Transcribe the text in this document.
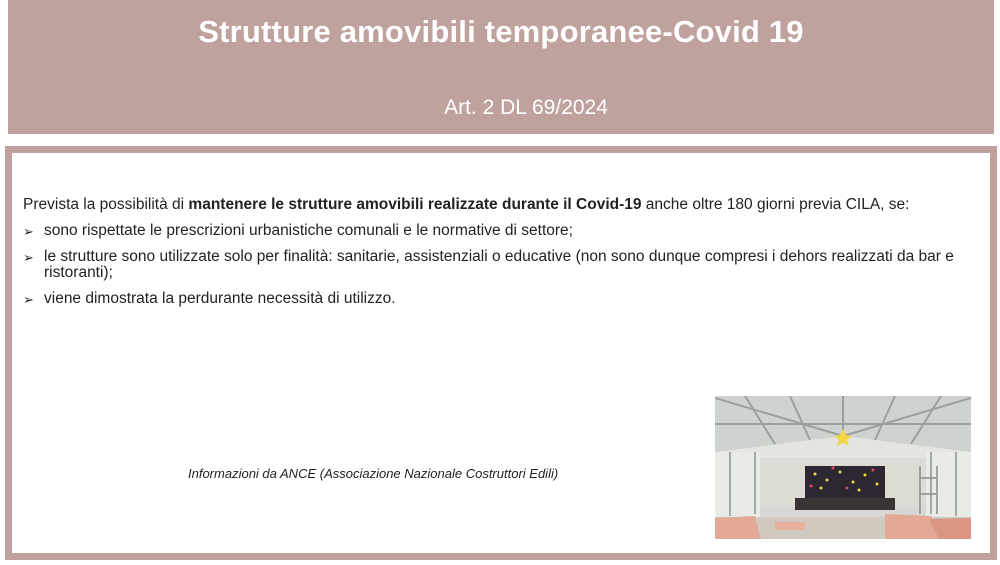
Strutture amovibili temporanee-Covid 19
Art. 2 DL 69/2024

Prevista la possibilità di mantenere le strutture amovibili realizzate durante il Covid-19 anche oltre 180 giorni previa CILA, se:

➢ sono rispettate le prescrizioni urbanistiche comunali e le normative di settore;
➢ le strutture sono utilizzate solo per finalità: sanitarie, assistenziali o educative (non sono dunque compresi i dehors realizzati da bar e ristoranti);
➢ viene dimostrata la perdurante necessità di utilizzo.
Informazioni da ANCE (Associazione Nazionale Costruttori Edili)
